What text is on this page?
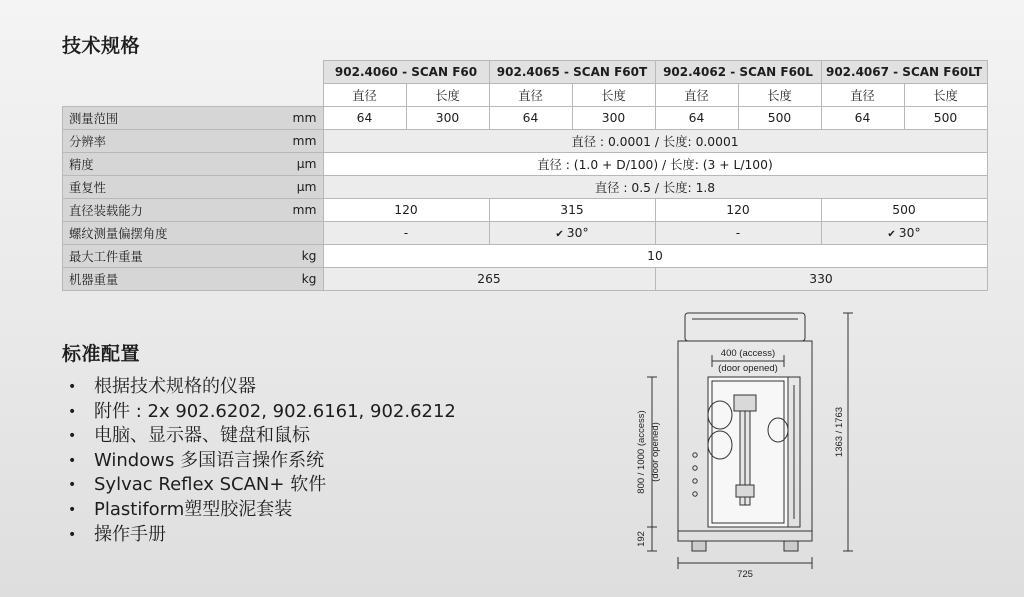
技术规格
		902.4060 - SCAN F60		902.4065 - SCAN F60T		902.4062 - SCAN F60L		902.4067 - SCAN F60LT	
		直径	长度	直径	长度	直径	长度	直径	长度
测量范围	mm	64	300	64	300	64	500	64	500
分辨率	mm	直径 : 0.0001 / 长度: 0.0001							
精度	µm	直径 : (1.0 + D/100) / 长度: (3 + L/100)							
重复性	µm	直径 : 0.5 / 长度: 1.8							
直径装载能力	mm	120		315		120		500	
螺纹测量偏摆角度		-		✔ 30°		-		✔ 30°	
最大工件重量	kg	10							
机器重量	kg	265				330			
标准配置
• 根据技术规格的仪器
• 附件 : 2x 902.6202, 902.6161, 902.6212
• 电脑、显示器、键盘和鼠标
• Windows 多国语言操作系统
• Sylvac Reflex SCAN+ 软件
• Plastiform塑型胶泥套装
• 操作手册
400 (access)
(door opened)
800 / 1000 (access) (door opened)
192
1363 / 1763
725
